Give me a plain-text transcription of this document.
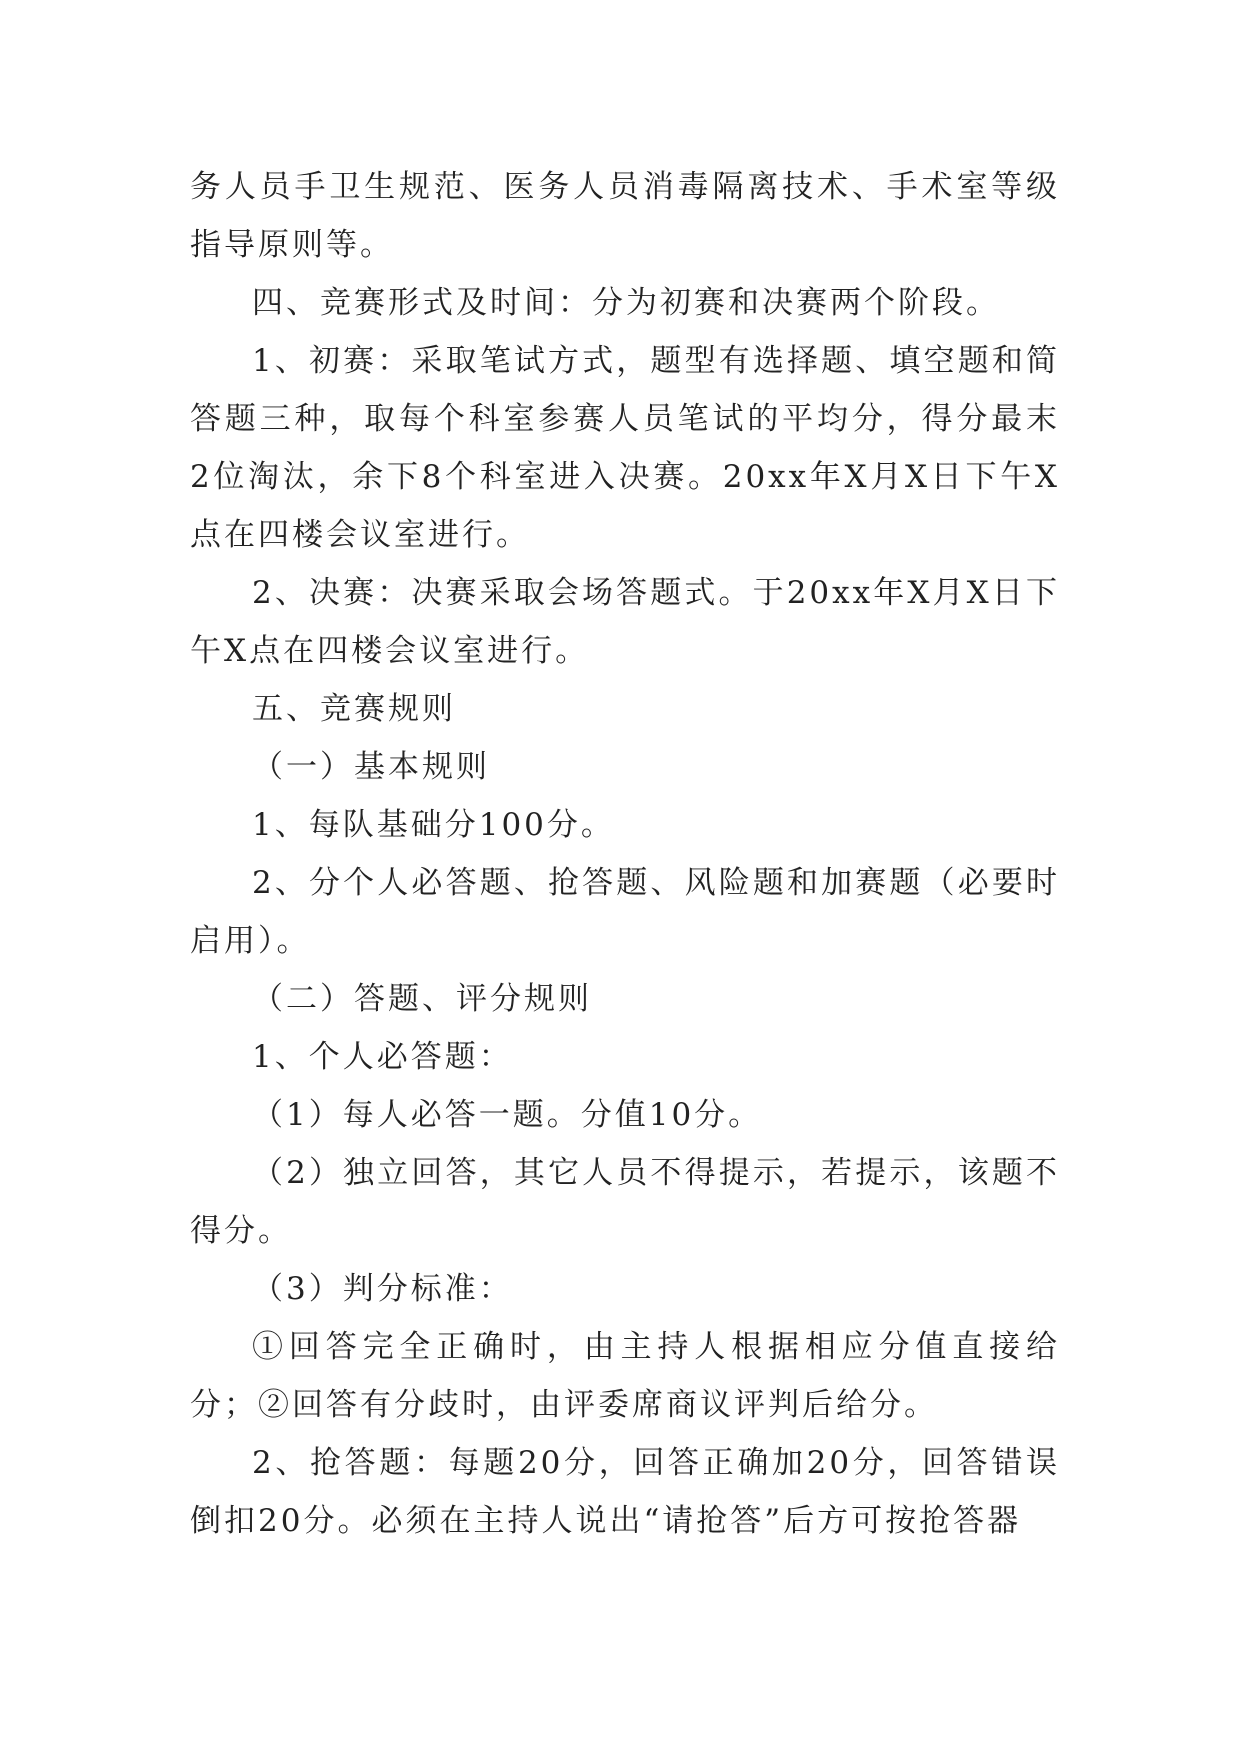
务人员手卫生规范、医务人员消毒隔离技术、手术室等级指导原则等。

四、竞赛形式及时间：分为初赛和决赛两个阶段。

1、初赛：采取笔试方式，题型有选择题、填空题和简答题三种，取每个科室参赛人员笔试的平均分，得分最末2位淘汰，余下8个科室进入决赛。20xx年X月X日下午X点在四楼会议室进行。

2、决赛：决赛采取会场答题式。于20xx年X月X日下午X点在四楼会议室进行。

五、竞赛规则

（一）基本规则

1、每队基础分100分。

2、分个人必答题、抢答题、风险题和加赛题（必要时启用）。

（二）答题、评分规则

1、个人必答题：

（1）每人必答一题。分值10分。

（2）独立回答，其它人员不得提示，若提示，该题不得分。

（3）判分标准：

①回答完全正确时，由主持人根据相应分值直接给分；②回答有分歧时，由评委席商议评判后给分。

2、抢答题：每题20分，回答正确加20分，回答错误倒扣20分。必须在主持人说出“请抢答”后方可按抢答器
